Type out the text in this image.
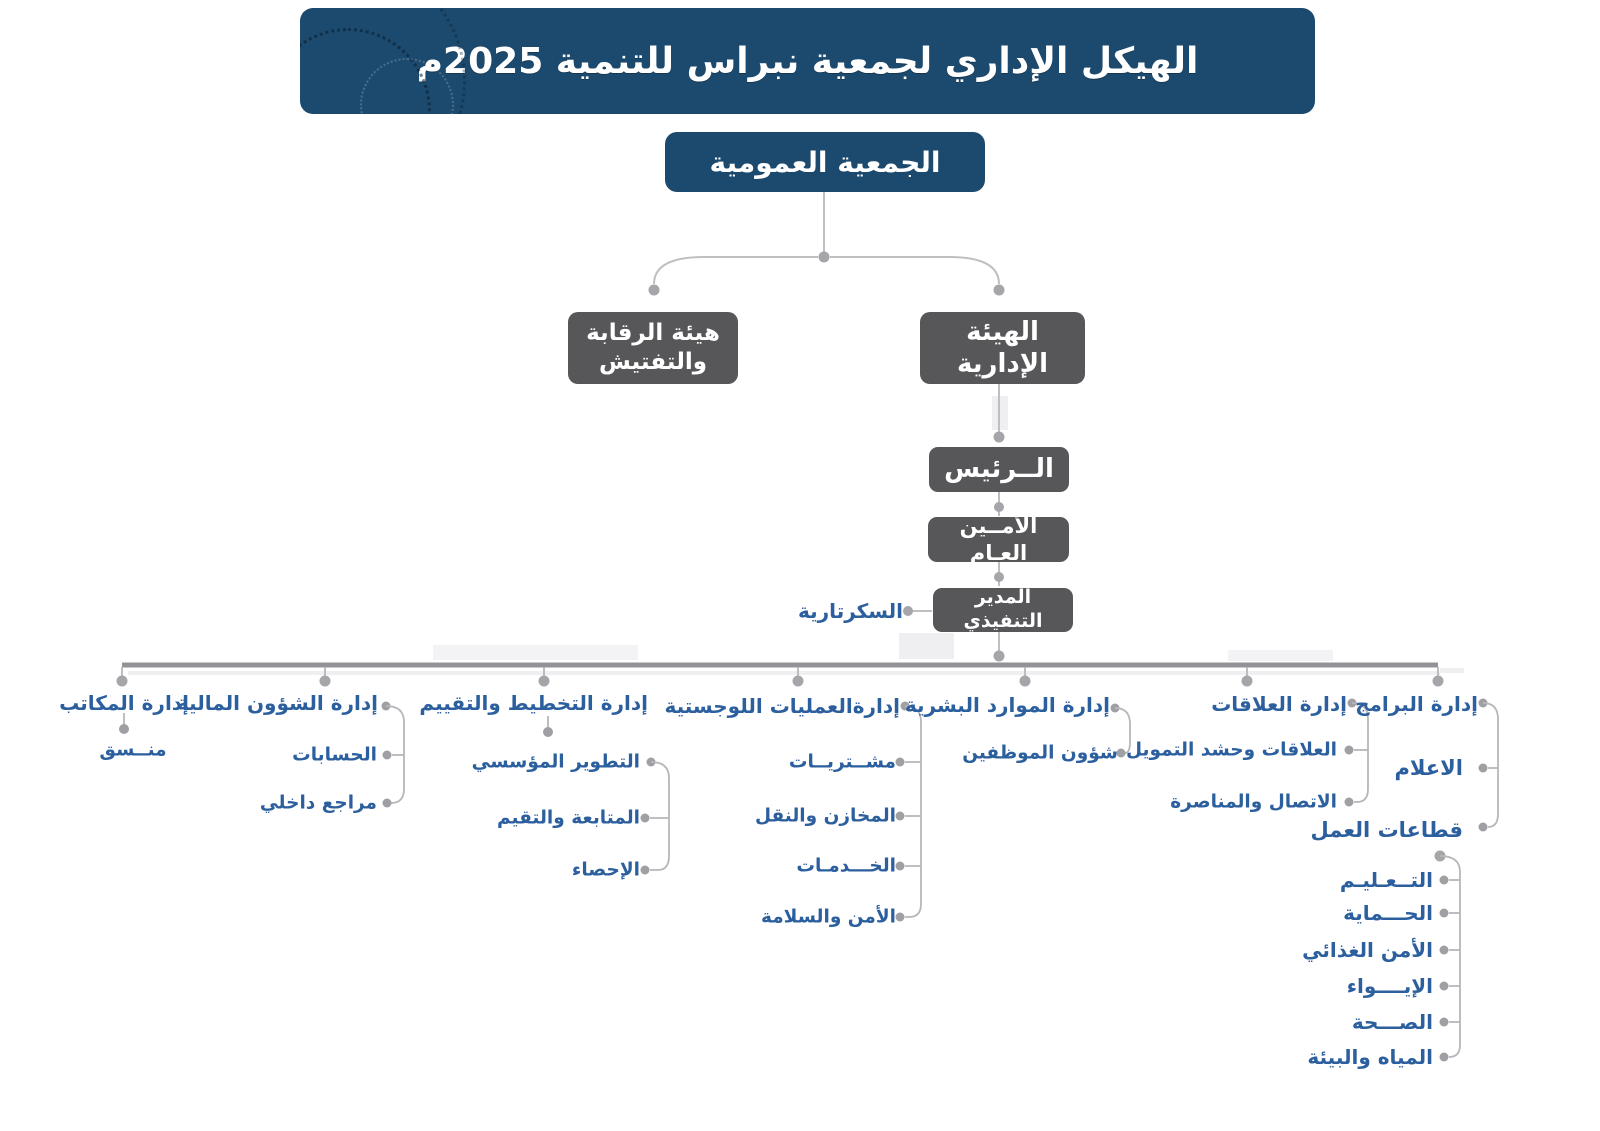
الهيكل الإداري لجمعية نبراس للتنمية 2025م
الجمعية العمومية
هيئة الرقابة
والتفتيش
الهيئة الإدارية
الــرئيس
الأمــين العـام
المدير التنفيذي
السكرتارية
إدارة المكاتب
منــسق
إدارة الشؤون المالية
الحسابات
مراجع داخلي
إدارة التخطيط والتقييم
التطوير المؤسسي
المتابعة والتقيم
الإحصاء
إدارةالعمليات اللوجستية
مشــتريــات
المخازن والنقل
الخـــدمـات
الأمن والسلامة
إدارة الموارد البشرية
شؤون الموظفين
إدارة العلاقات
العلاقات وحشد التمويل
الاتصال والمناصرة
إدارة البرامج
الاعلام
قطاعات العمل
التــعـليـم
الحـــماية
الأمن الغذائي
الإيــــواء
الصـــحة
المياه والبيئة
